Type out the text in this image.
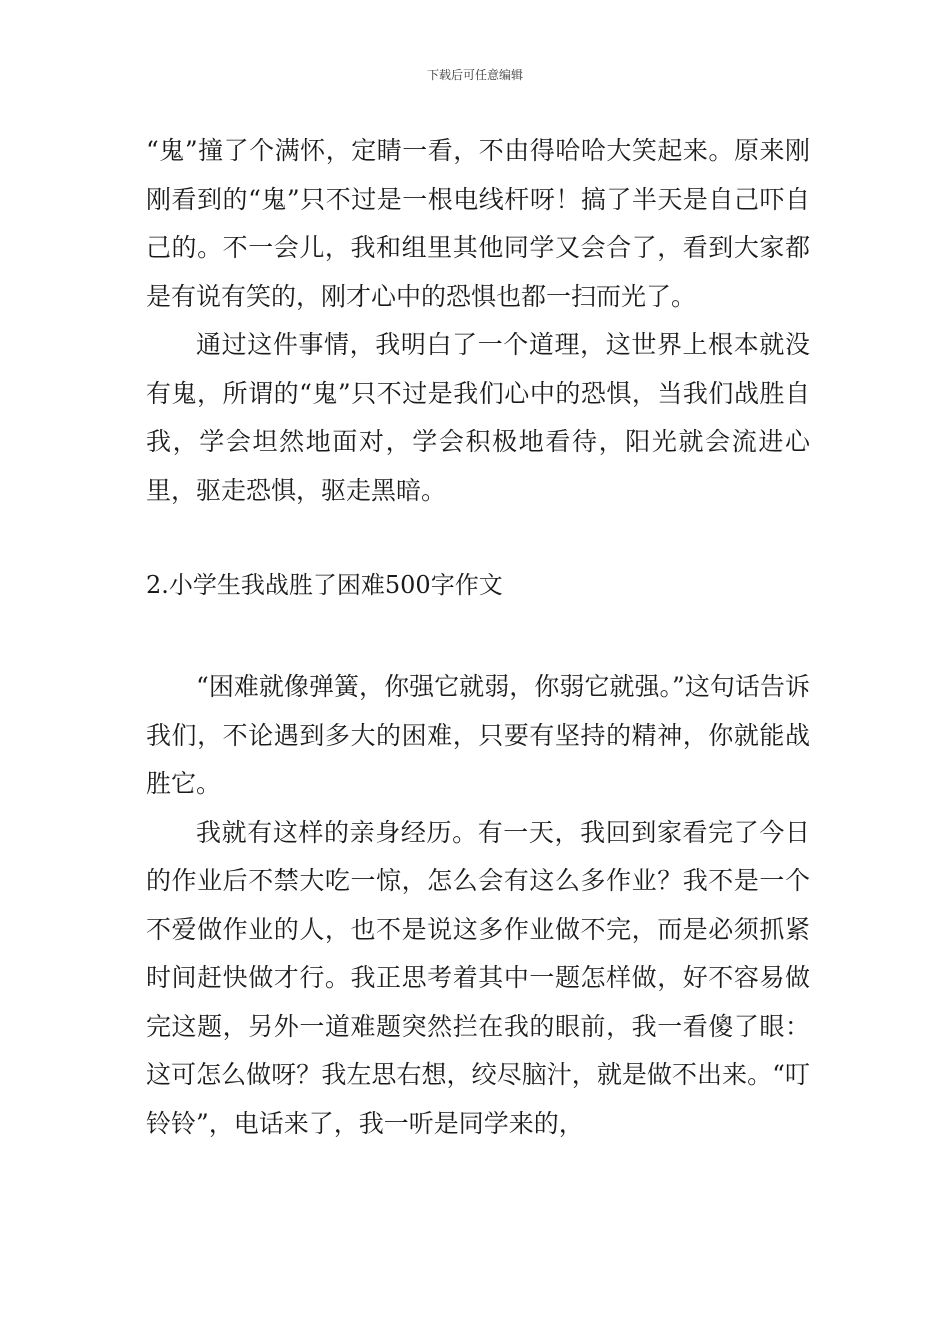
下载后可任意编辑

“鬼”撞了个满怀，定睛一看，不由得哈哈大笑起来。原来刚刚看到的“鬼”只不过是一根电线杆呀！搞了半天是自己吓自己的。不一会儿，我和组里其他同学又会合了，看到大家都是有说有笑的，刚才心中的恐惧也都一扫而光了。

通过这件事情，我明白了一个道理，这世界上根本就没有鬼，所谓的“鬼”只不过是我们心中的恐惧，当我们战胜自我，学会坦然地面对，学会积极地看待，阳光就会流进心里，驱走恐惧，驱走黑暗。

2.小学生我战胜了困难500字作文

“困难就像弹簧，你强它就弱，你弱它就强。”这句话告诉我们，不论遇到多大的困难，只要有坚持的精神，你就能战胜它。

我就有这样的亲身经历。有一天，我回到家看完了今日的作业后不禁大吃一惊，怎么会有这么多作业？我不是一个不爱做作业的人，也不是说这多作业做不完，而是必须抓紧时间赶快做才行。我正思考着其中一题怎样做，好不容易做完这题，另外一道难题突然拦在我的眼前，我一看傻了眼：这可怎么做呀？我左思右想，绞尽脑汁，就是做不出来。“叮铃铃”，电话来了，我一听是同学来的，
